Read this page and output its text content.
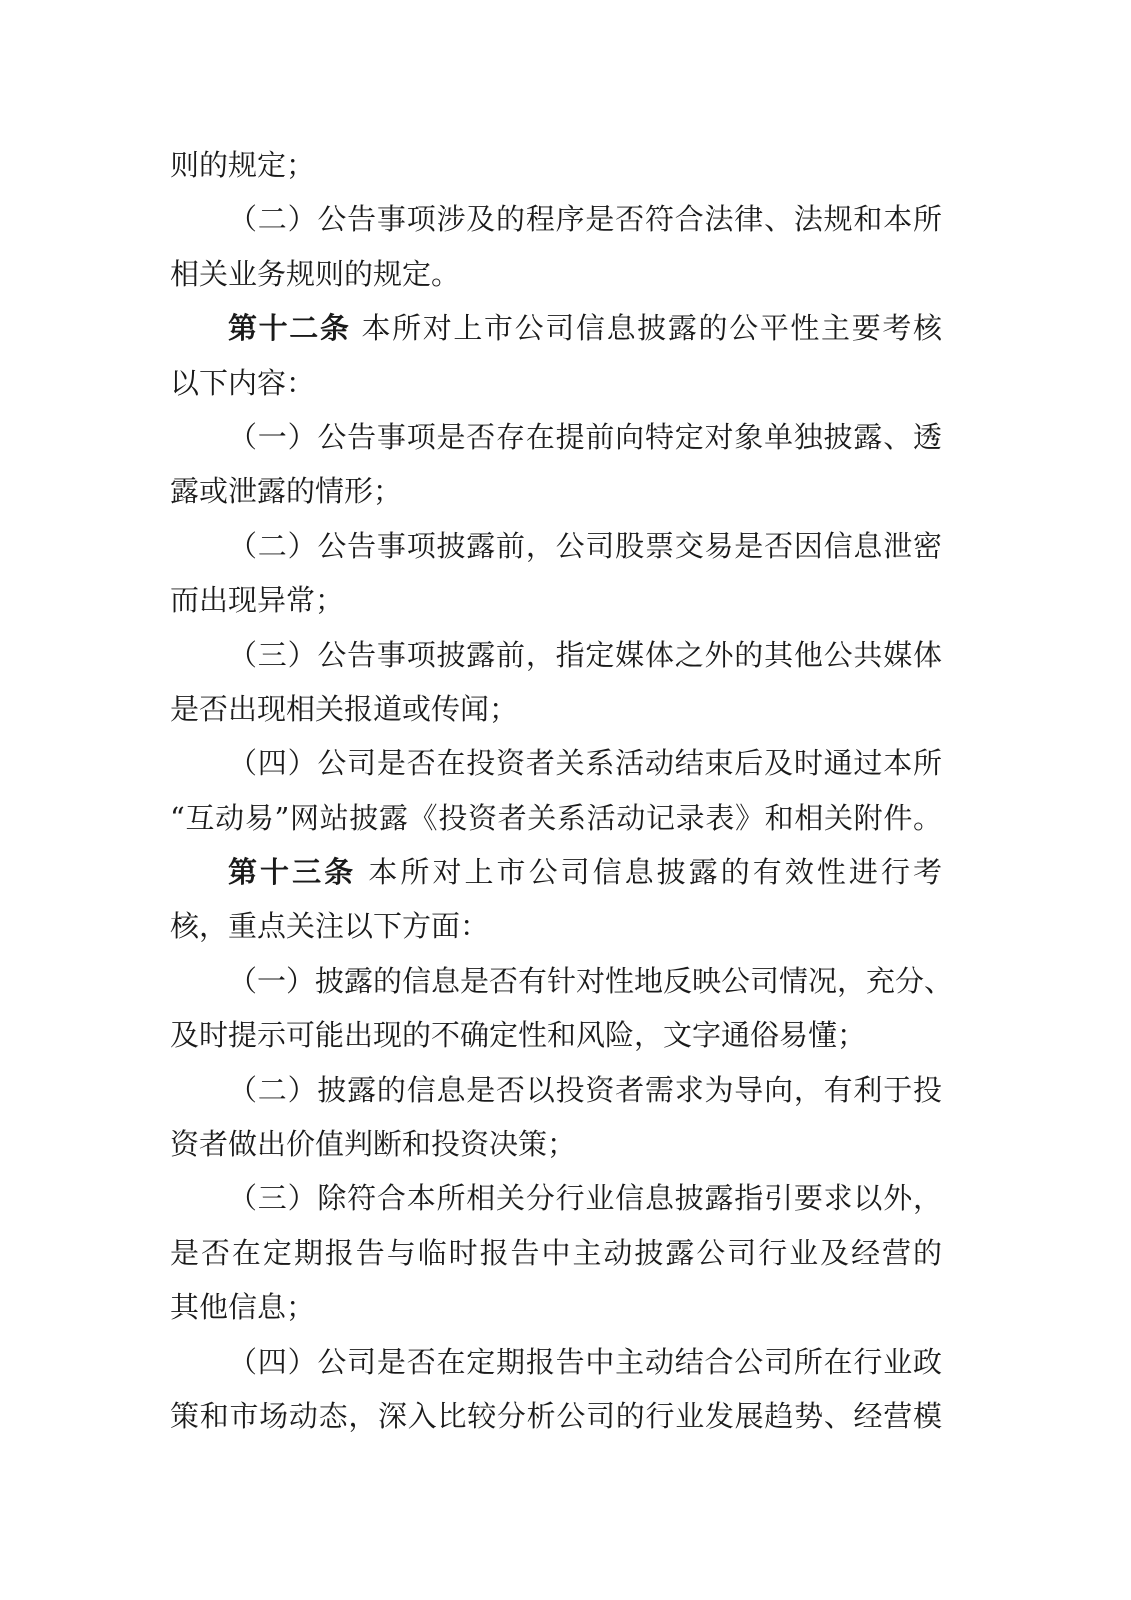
则的规定；
（二）公告事项涉及的程序是否符合法律、法规和本所
相关业务规则的规定。
第十二条 本所对上市公司信息披露的公平性主要考核
以下内容：
（一）公告事项是否存在提前向特定对象单独披露、透
露或泄露的情形；
（二）公告事项披露前，公司股票交易是否因信息泄密
而出现异常；
（三）公告事项披露前，指定媒体之外的其他公共媒体
是否出现相关报道或传闻；
（四）公司是否在投资者关系活动结束后及时通过本所
“互动易”网站披露《投资者关系活动记录表》和相关附件。
第十三条 本所对上市公司信息披露的有效性进行考
核，重点关注以下方面：
（一）披露的信息是否有针对性地反映公司情况，充分、
及时提示可能出现的不确定性和风险，文字通俗易懂；
（二）披露的信息是否以投资者需求为导向，有利于投
资者做出价值判断和投资决策；
（三）除符合本所相关分行业信息披露指引要求以外，
是否在定期报告与临时报告中主动披露公司行业及经营的
其他信息；
（四）公司是否在定期报告中主动结合公司所在行业政
策和市场动态，深入比较分析公司的行业发展趋势、经营模
